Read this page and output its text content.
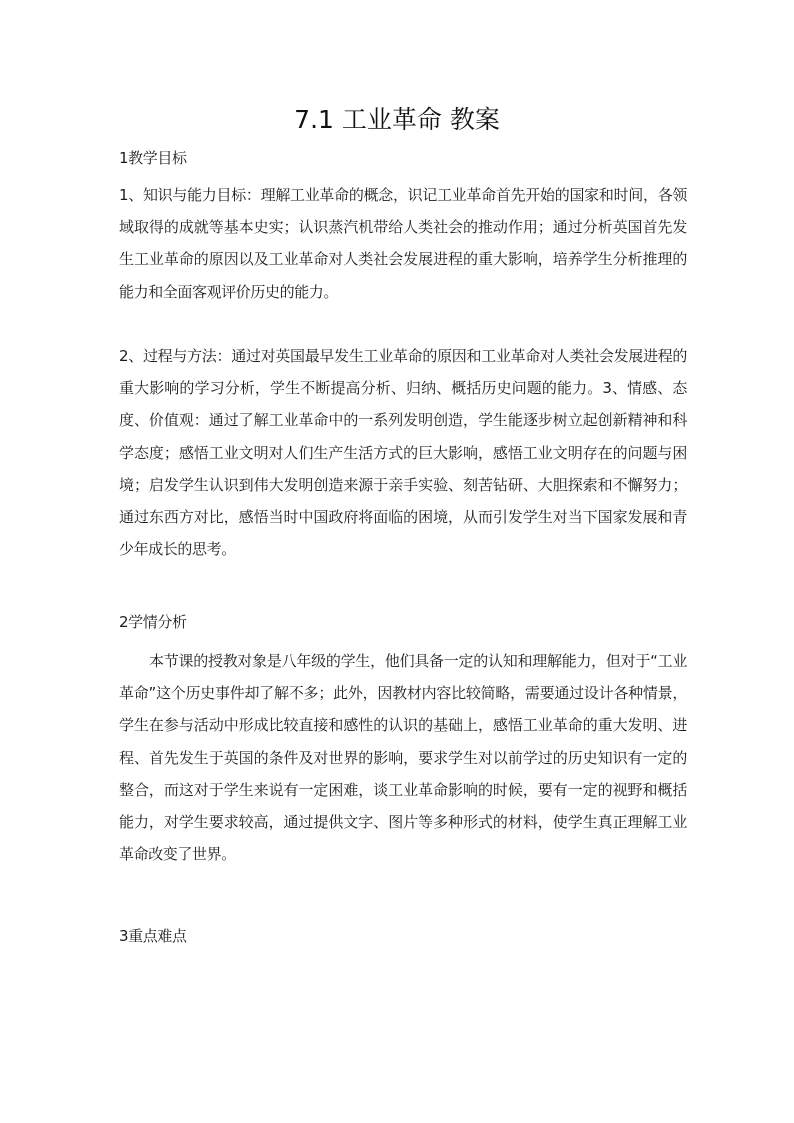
7.1 工业革命 教案
1教学目标
1、知识与能力目标：理解工业革命的概念，识记工业革命首先开始的国家和时间，各领域取得的成就等基本史实；认识蒸汽机带给人类社会的推动作用；通过分析英国首先发生工业革命的原因以及工业革命对人类社会发展进程的重大影响，培养学生分析推理的能力和全面客观评价历史的能力。
2、过程与方法：通过对英国最早发生工业革命的原因和工业革命对人类社会发展进程的重大影响的学习分析，学生不断提高分析、归纳、概括历史问题的能力。3、情感、态度、价值观：通过了解工业革命中的一系列发明创造，学生能逐步树立起创新精神和科学态度；感悟工业文明对人们生产生活方式的巨大影响，感悟工业文明存在的问题与困境；启发学生认识到伟大发明创造来源于亲手实验、刻苦钻研、大胆探索和不懈努力；通过东西方对比，感悟当时中国政府将面临的困境，从而引发学生对当下国家发展和青少年成长的思考。
2学情分析
本节课的授教对象是八年级的学生，他们具备一定的认知和理解能力，但对于“工业革命”这个历史事件却了解不多；此外，因教材内容比较简略，需要通过设计各种情景，学生在参与活动中形成比较直接和感性的认识的基础上，感悟工业革命的重大发明、进程、首先发生于英国的条件及对世界的影响，要求学生对以前学过的历史知识有一定的整合，而这对于学生来说有一定困难，谈工业革命影响的时候，要有一定的视野和概括能力，对学生要求较高，通过提供文字、图片等多种形式的材料，使学生真正理解工业革命改变了世界。
3重点难点
